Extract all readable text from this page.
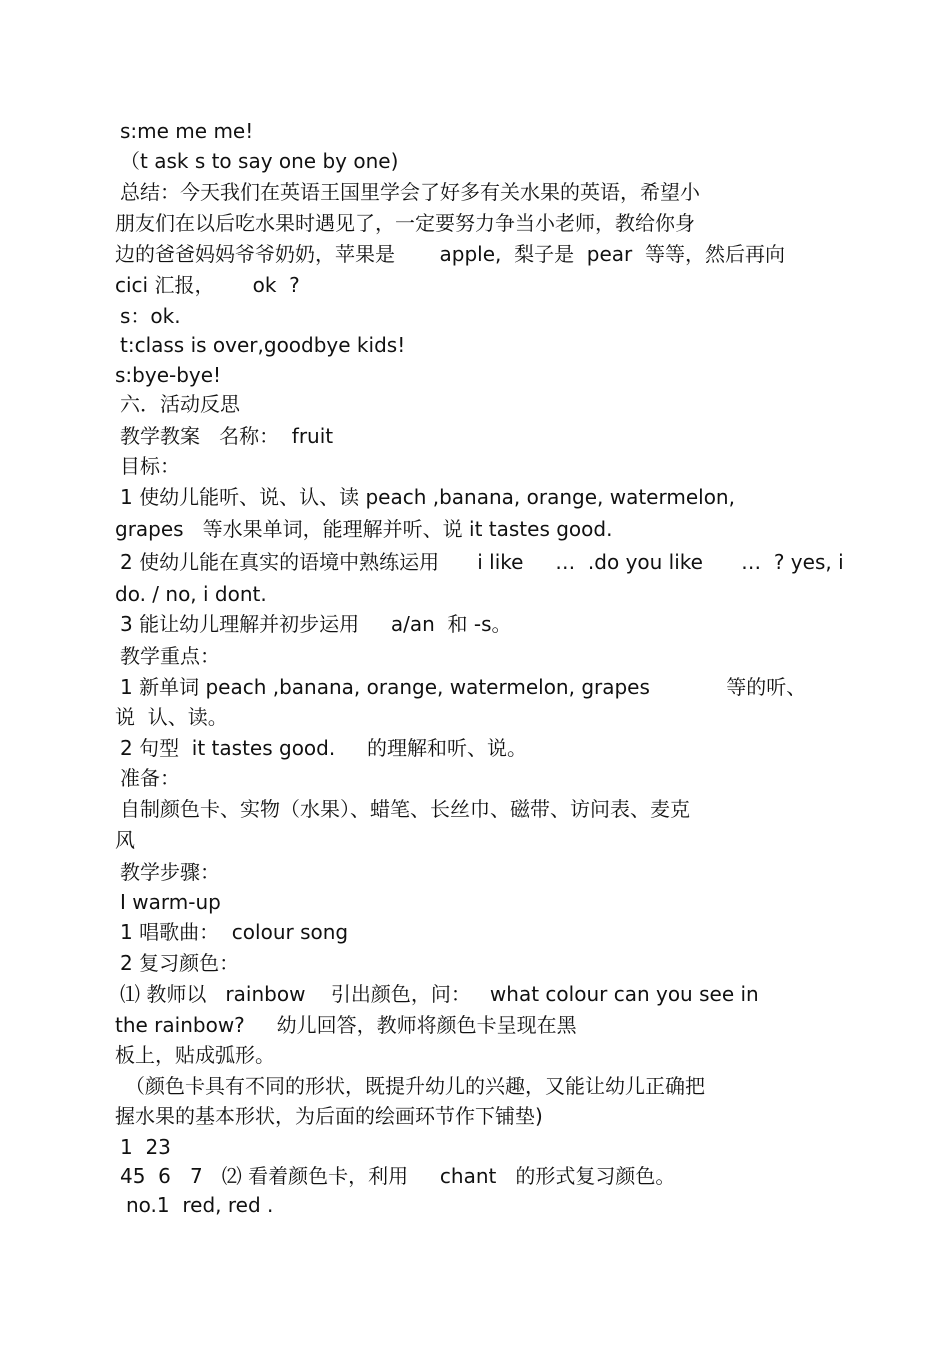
s:me me me!
（t ask s to say one by one)
总结：今天我们在英语王国里学会了好多有关水果的英语，希望小
朋友们在以后吃水果时遇见了，一定要努力争当小老师，教给你身
边的爸爸妈妈爷爷奶奶，苹果是       apple,  梨子是  pear  等等，然后再向
cici 汇报，      ok  ?
s：ok.
t:class is over,goodbye kids!
s:bye-bye!
六．活动反思
教学教案   名称：  fruit
目标：
1 使幼儿能听、说、认、读 peach ,banana, orange, watermelon,
grapes   等水果单词，能理解并听、说 it tastes good.
2 使幼儿能在真实的语境中熟练运用      i like     …  .do you like      …  ? yes, i
do. / no, i dont.
3 能让幼儿理解并初步运用     a/an  和 -s。
教学重点：
1 新单词 peach ,banana, orange, watermelon, grapes            等的听、
说  认、读。
2 句型  it tastes good.     的理解和听、说。
准备：
自制颜色卡、实物（水果）、蜡笔、长丝巾、磁带、访问表、麦克
风
教学步骤：
I warm-up
1 唱歌曲：  colour song
2 复习颜色：
⑴ 教师以   rainbow    引出颜色，问：   what colour can you see in
the rainbow?     幼儿回答，教师将颜色卡呈现在黑
板上，贴成弧形。
（颜色卡具有不同的形状，既提升幼儿的兴趣，又能让幼儿正确把
握水果的基本形状，为后面的绘画环节作下铺垫)
1  23
45  6   7   ⑵ 看着颜色卡，利用     chant   的形式复习颜色。
no.1  red, red .
